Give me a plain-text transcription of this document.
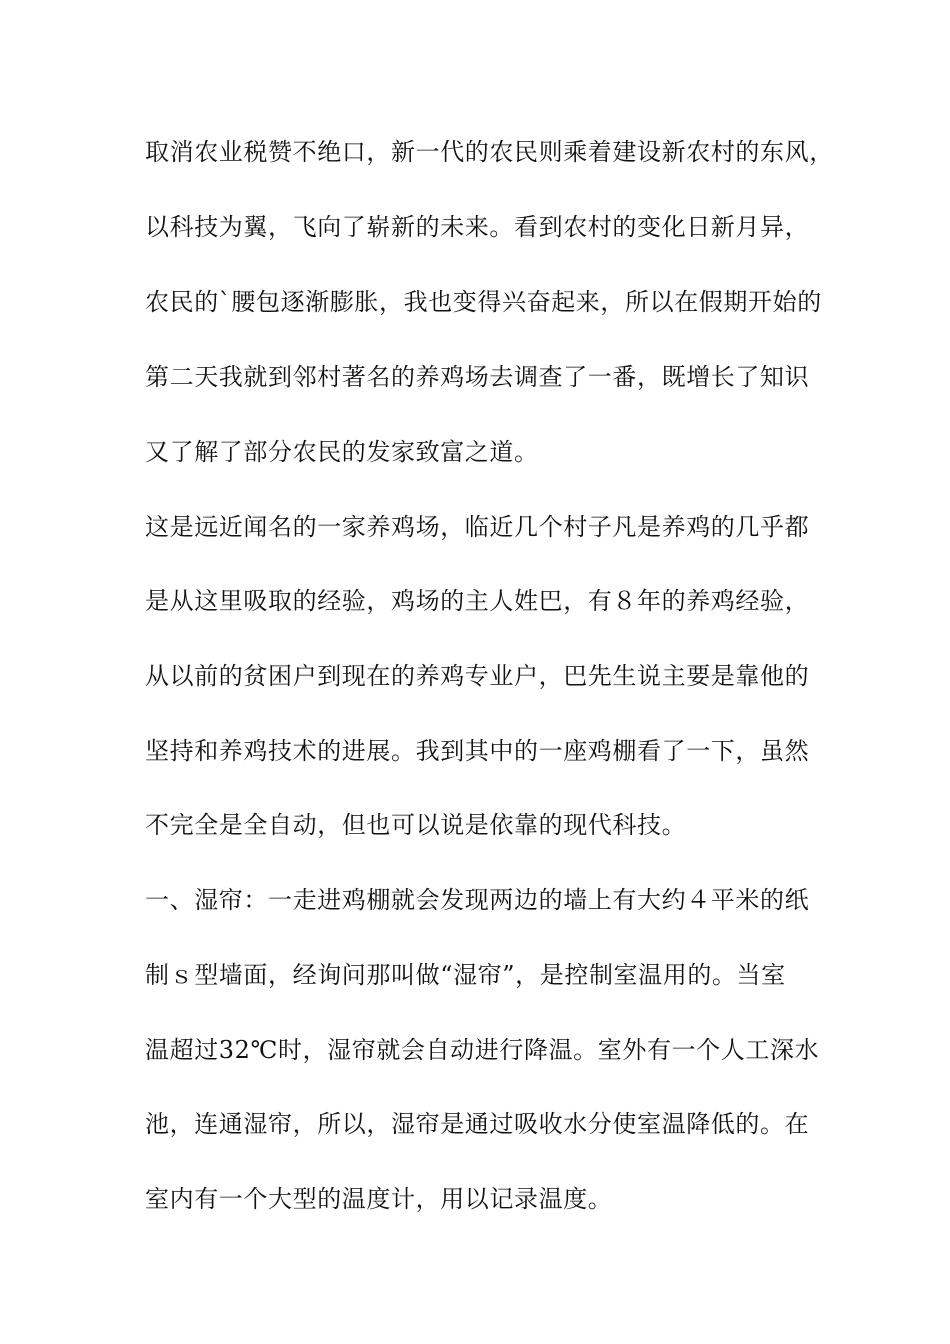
取消农业税赞不绝口，新一代的农民则乘着建设新农村的东风，
以科技为翼，飞向了崭新的未来。看到农村的变化日新月异，
农民的`腰包逐渐膨胀，我也变得兴奋起来，所以在假期开始的
第二天我就到邻村著名的养鸡场去调查了一番，既增长了知识
又了解了部分农民的发家致富之道。
这是远近闻名的一家养鸡场，临近几个村子凡是养鸡的几乎都
是从这里吸取的经验，鸡场的主人姓巴，有８年的养鸡经验，
从以前的贫困户到现在的养鸡专业户，巴先生说主要是靠他的
坚持和养鸡技术的进展。我到其中的一座鸡棚看了一下，虽然
不完全是全自动，但也可以说是依靠的现代科技。
一、湿帘：一走进鸡棚就会发现两边的墙上有大约４平米的纸
制ｓ型墙面，经询问那叫做“湿帘”，是控制室温用的。当室
温超过32℃时，湿帘就会自动进行降温。室外有一个人工深水
池，连通湿帘，所以，湿帘是通过吸收水分使室温降低的。在
室内有一个大型的温度计，用以记录温度。
